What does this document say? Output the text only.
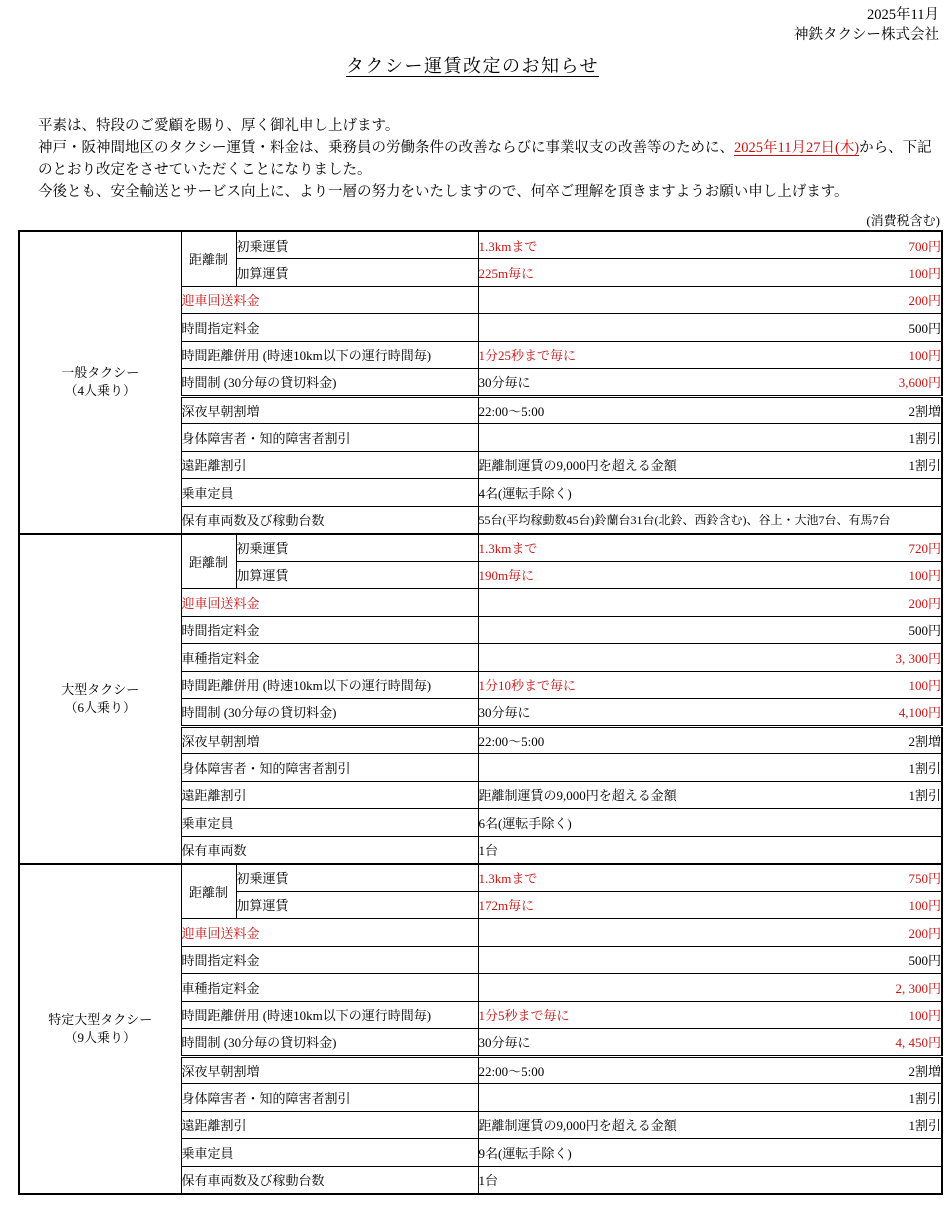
2025年11月
神鉄タクシー株式会社
タクシー運賃改定のお知らせ

平素は、特段のご愛顧を賜り、厚く御礼申し上げます。

神戸・阪神間地区のタクシー運賃・料金は、乗務員の労働条件の改善ならびに事業収支の改善等のために、2025年11月27日(木)から、下記のとおり改定をさせていただくことになりました。

今後とも、安全輸送とサービス向上に、より一層の努力をいたしますので、何卒ご理解を頂きますようお願い申し上げます。

(消費税含む)
一般タクシー
（4人乗り）
	距離制	初乗運賃	1.3kmまで	700円

		加算運賃	225m毎に 100円

	迎車回送料金		200円

	時間指定料金		500円

	時間距離併用 (時速10km以下の運行時間毎)		1分25秒まで毎に 100円

	時間制 (30分毎の貸切料金)		30分毎に 3,600円

	深夜早朝割増		22:00～5:00 2割増

	身体障害者・知的障害者割引		1割引

	遠距離割引		距離制運賃の9,000円を超える金額 1割引

	乗車定員		4名(運転手除く)

	保有車両数及び稼動台数		55台(平均稼動数45台)鈴蘭台31台(北鈴、西鈴含む)、谷上・大池7台、有馬7台

大型タクシー
（6人乗り）
	距離制	初乗運賃	1.3kmまで	720円

		加算運賃	190m毎に 100円

	迎車回送料金		200円

	時間指定料金		500円

	車種指定料金		3, 300円

	時間距離併用 (時速10km以下の運行時間毎)		1分10秒まで毎に 100円

	時間制 (30分毎の貸切料金)		30分毎に 4,100円

	深夜早朝割増		22:00～5:00 2割増

	身体障害者・知的障害者割引		1割引

	遠距離割引		距離制運賃の9,000円を超える金額 1割引

	乗車定員		6名(運転手除く)

	保有車両数		1台

特定大型タクシー
（9人乗り）
	距離制	初乗運賃	1.3kmまで	750円

		加算運賃	172m毎に 100円

	迎車回送料金		200円

	時間指定料金		500円

	車種指定料金		2, 300円

	時間距離併用 (時速10km以下の運行時間毎)		1分5秒まで毎に 100円

	時間制 (30分毎の貸切料金)		30分毎に 4, 450円

	深夜早朝割増		22:00～5:00 2割増

	身体障害者・知的障害者割引		1割引

	遠距離割引		距離制運賃の9,000円を超える金額 1割引

	乗車定員		9名(運転手除く)

	保有車両数及び稼動台数		1台
